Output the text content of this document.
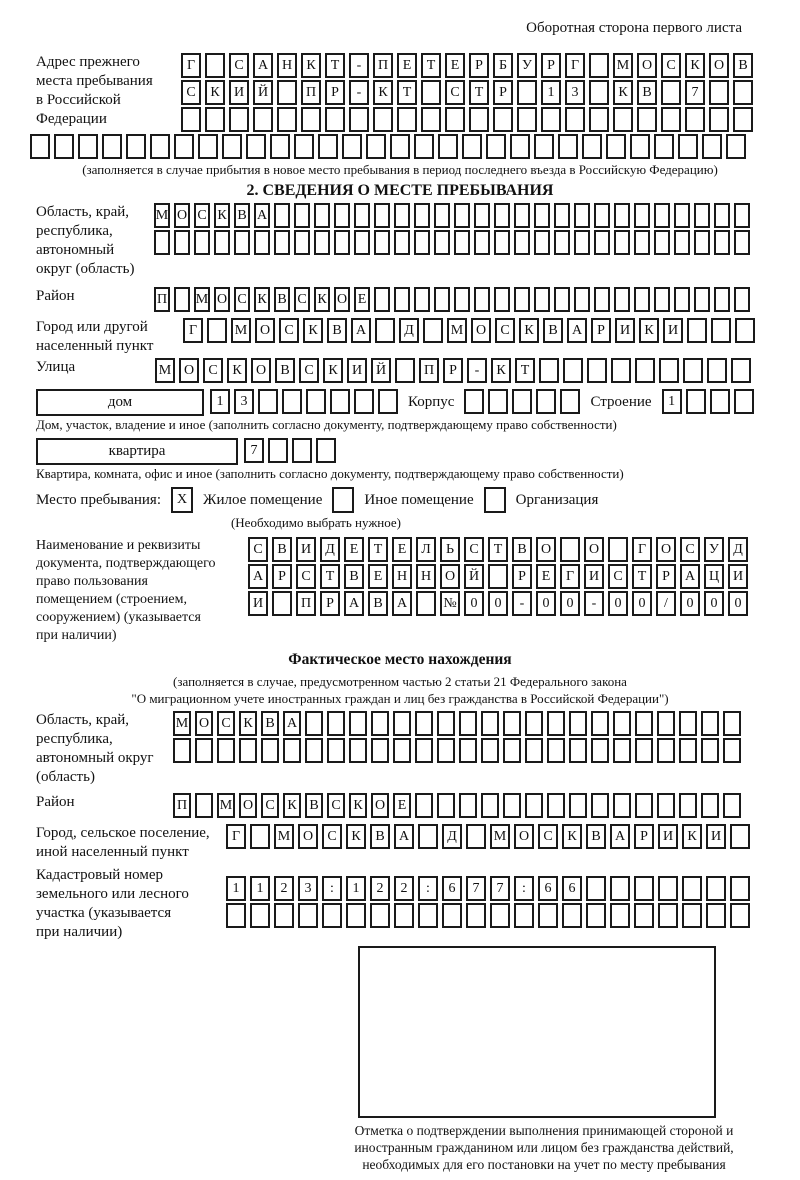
Оборотная сторона первого листа
Адрес прежнего
места пребывания
в Российской
Федерации
Г	С	А Н	К	Т	-	П	Е	Т	Е	Р	Б	У	Р	Г	М О	С	К	О	В
С	К	И Й	П	Р	-	К	Т	С	Т	Р	1	3	К	В	7
(заполняется в случае прибытия в новое место пребывания в период последнего въезда в Российскую Федерацию)
2. СВЕДЕНИЯ О МЕСТЕ ПРЕБЫВАНИЯ
Область, край,
республика,
автономный
округ (область)
М О С К В А
Район	П М О С К В С К О Е
Город или другой
населенный пункт
Г	М О	С	К	В	А	Д	М О	С	К	В	А	Р	И	К	И
Улица	М О	С	К	О	В	С	К	И Й	П	Р	-	К	Т
дом	1	3	Корпус	Строение	1
Дом, участок, владение и иное (заполнить согласно документу, подтверждающему право собственности)
квартира	7
Квартира, комната, офис и иное (заполнить согласно документу, подтверждающему право собственности)
Место пребывания:	X	Жилое помещение	Иное помещение	Организация
(Необходимо выбрать нужное)
Наименование и реквизиты
документа, подтверждающего
право пользования
помещением (строением,
сооружением) (указывается
при наличии)
С	В	И	Д	Е	Т	Е	Л	Ь	С	Т	В	О	О	Г	О	С	У	Д
А	Р	С	Т	В	Е	Н Н О Й	Р	Е	Г	И	С	Т	Р	А Ц И
И	П	Р	А	В	А	№ 0	0	-	0	0	-	0	0	/	0	0	0
Фактическое место нахождения
(заполняется в случае, предусмотренном частью 2 статьи 21 Федерального закона
"О миграционном учете иностранных граждан и лиц без гражданства в Российской Федерации")
Область, край,
республика,
автономный округ
(область)
М О С К В А
Район	П М О С К В С К О Е
Город, сельское поселение,
иной населенный пункт
Г	М О	С	К	В	А	Д	М О	С	К	В	А	Р	И	К	И
Кадастровый номер
земельного или лесного
участка (указывается
при наличии)
1	1	2	3	:	1	2	2	:	6	7	7	:	6	6
Отметка о подтверждении выполнения принимающей стороной и иностранным гражданином или лицом без гражданства действий, необходимых для его постановки на учет по месту пребывания
